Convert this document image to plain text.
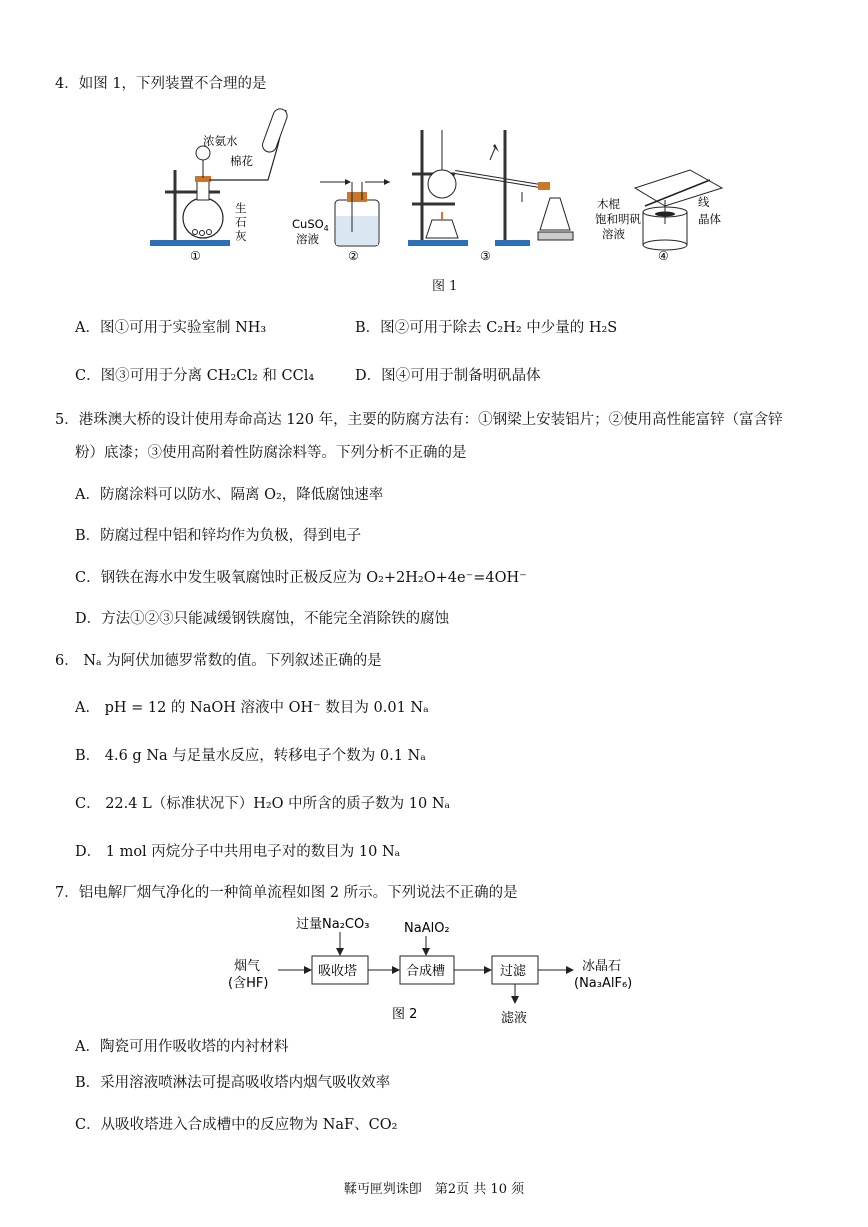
4．如图 1，下列装置不合理的是
浓氨水
棉花
生
石
灰
①
CuSO$_4$
溶液
②	③
木棍	线
饱和明矾	晶体
溶液
④
图 1
A．图①可用于实验室制 NH₃	B．图②可用于除去 C₂H₂ 中少量的 H₂S
C．图③可用于分离 CH₂Cl₂ 和 CCl₄	D．图④可用于制备明矾晶体
5．港珠澳大桥的设计使用寿命高达 120 年，主要的防腐方法有：①钢梁上安装铝片；②使用高性能富锌（富含锌
粉）底漆；③使用高附着性防腐涂料等。下列分析不正确的是
A．防腐涂料可以防水、隔离 O₂，降低腐蚀速率
B．防腐过程中铝和锌均作为负极，得到电子
C．钢铁在海水中发生吸氧腐蚀时正极反应为 O₂+2H₂O+4e⁻=4OH⁻
D．方法①②③只能减缓钢铁腐蚀，不能完全消除铁的腐蚀
6． Nₐ 为阿伏加德罗常数的值。下列叙述正确的是
A． pH = 12 的 NaOH 溶液中 OH⁻ 数目为 0.01 Nₐ
B． 4.6 g Na 与足量水反应，转移电子个数为 0.1 Nₐ
C． 22.4 L（标准状况下）H₂O 中所含的质子数为 10 Nₐ
D． 1 mol 丙烷分子中共用电子对的数目为 10 Nₐ
7．铝电解厂烟气净化的一种简单流程如图 2 所示。下列说法不正确的是
过量Na₂CO₃	NaAlO₂
烟气
(含HF)
吸收塔	合成槽	过滤	冰晶石
(Na₃AlF₆)
图 2	滤液
A．陶瓷可用作吸收塔的内衬材料
B．采用溶液喷淋法可提高吸收塔内烟气吸收效率
C．从吸收塔进入合成槽中的反应物为 NaF、CO₂
鞣丏匣刿诛卽　第2页 共 10 须
